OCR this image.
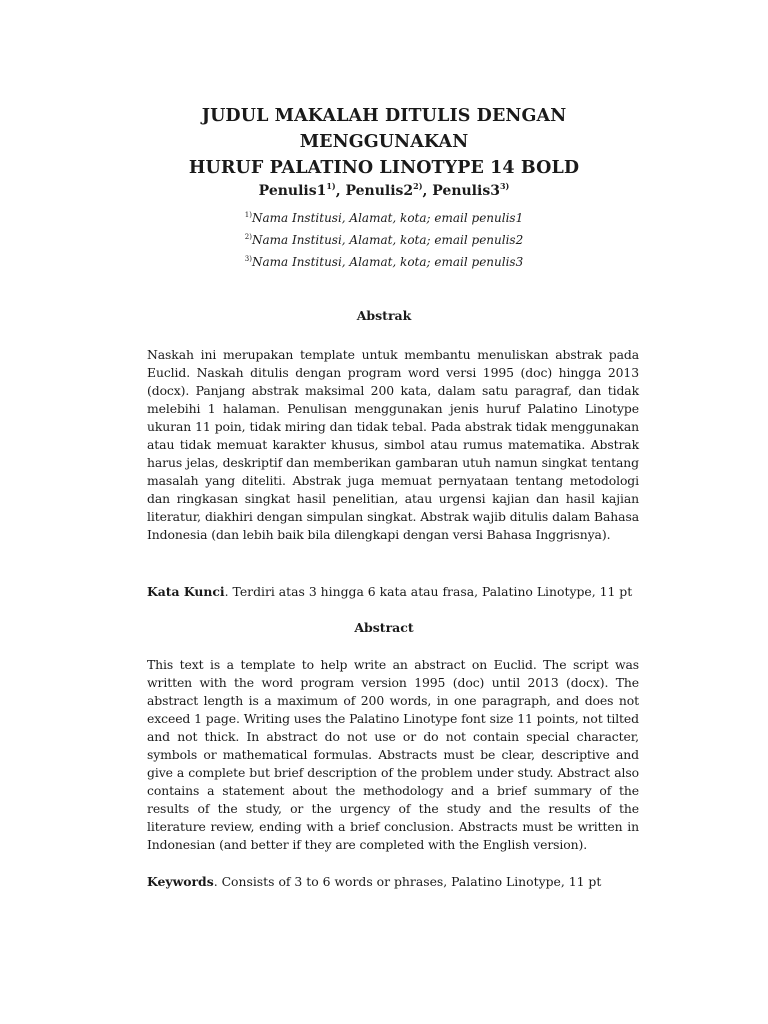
JUDUL MAKALAH DITULIS DENGAN MENGGUNAKAN
HURUF PALATINO LINOTYPE 14 BOLD
Penulis1$^{1)}$, Penulis2$^{2)}$, Penulis3$^{3)}$
$^{1)}$Nama Institusi, Alamat, kota; email penulis1
$^{2)}$Nama Institusi, Alamat, kota; email penulis2
$^{3)}$Nama Institusi, Alamat, kota; email penulis3
Abstrak
Naskah ini merupakan template untuk membantu menuliskan abstrak pada Euclid. Naskah ditulis dengan program word versi 1995 (doc) hingga 2013 (docx). Panjang abstrak maksimal 200 kata, dalam satu paragraf, dan tidak melebihi 1 halaman. Penulisan menggunakan jenis huruf Palatino Linotype ukuran 11 poin, tidak miring dan tidak tebal. Pada abstrak tidak menggunakan atau tidak memuat karakter khusus, simbol atau rumus matematika. Abstrak harus jelas, deskriptif dan memberikan gambaran utuh namun singkat tentang masalah yang diteliti. Abstrak juga memuat pernyataan tentang metodologi dan ringkasan singkat hasil penelitian, atau urgensi kajian dan hasil kajian literatur, diakhiri dengan simpulan singkat. Abstrak wajib ditulis dalam Bahasa Indonesia (dan lebih baik bila dilengkapi dengan versi Bahasa Inggrisnya).
Kata Kunci. Terdiri atas 3 hingga 6 kata atau frasa, Palatino Linotype, 11 pt
Abstract
This text is a template to help write an abstract on Euclid. The script was written with the word program version 1995 (doc) until 2013 (docx). The abstract length is a maximum of 200 words, in one paragraph, and does not exceed 1 page. Writing uses the Palatino Linotype font size 11 points, not tilted and not thick. In abstract do not use or do not contain special character, symbols or mathematical formulas. Abstracts must be clear, descriptive and give a complete but brief description of the problem under study. Abstract also contains a statement about the methodology and a brief summary of the results of the study, or the urgency of the study and the results of the literature review, ending with a brief conclusion. Abstracts must be written in Indonesian (and better if they are completed with the English version).
Keywords. Consists of 3 to 6 words or phrases, Palatino Linotype, 11 pt
